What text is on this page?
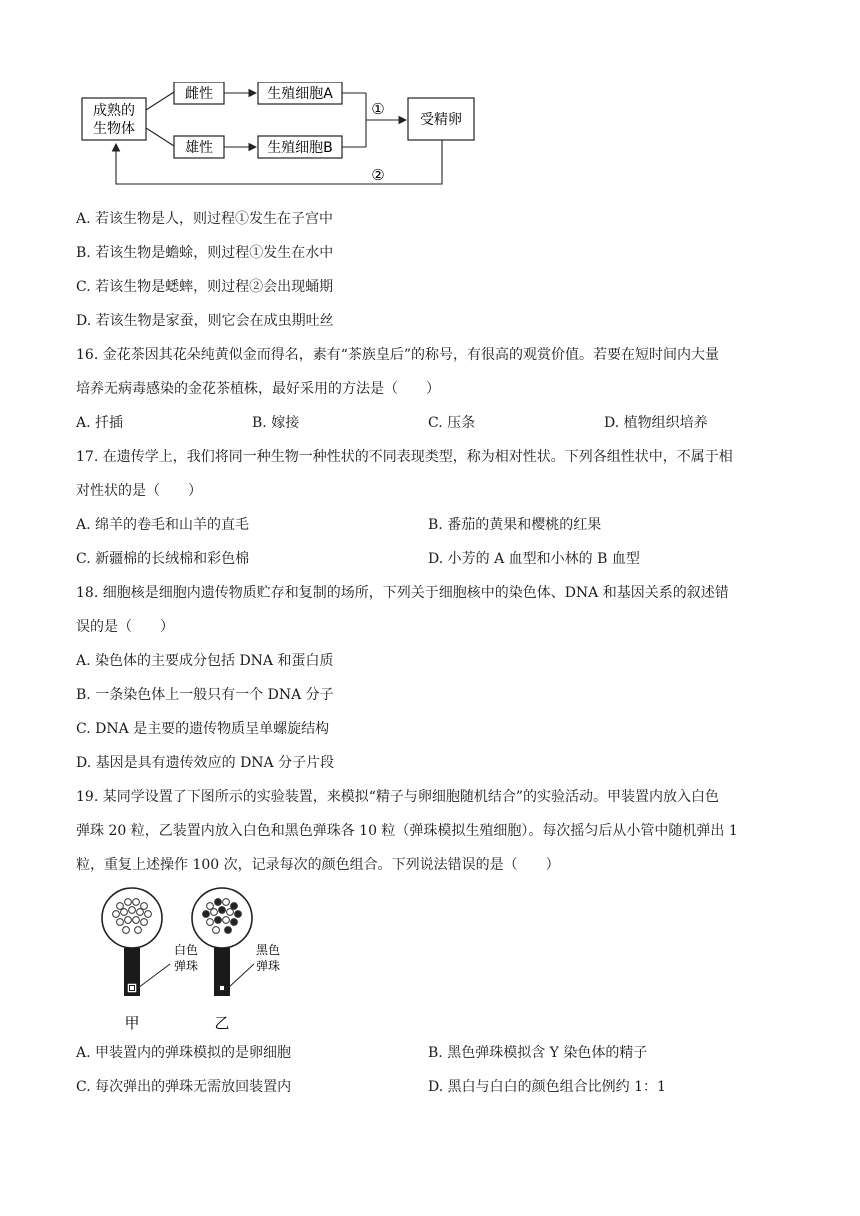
成熟的
生物体
雌性
雄性
生殖细胞A
生殖细胞B
①
受精卵
②
A. 若该生物是人，则过程①发生在子宫中
B. 若该生物是蟾蜍，则过程①发生在水中
C. 若该生物是蟋蟀，则过程②会出现蛹期
D. 若该生物是家蚕，则它会在成虫期吐丝
16. 金花茶因其花朵纯黄似金而得名，素有“茶族皇后”的称号，有很高的观赏价值。若要在短时间内大量
培养无病毒感染的金花茶植株，最好采用的方法是（　　）
A. 扦插	B. 嫁接	C. 压条	D. 植物组织培养
17. 在遗传学上，我们将同一种生物一种性状的不同表现类型，称为相对性状。下列各组性状中，不属于相
对性状的是（　　）
A. 绵羊的卷毛和山羊的直毛	B. 番茄的黄果和樱桃的红果
C. 新疆棉的长绒棉和彩色棉	D. 小芳的 A 血型和小林的 B 血型
18. 细胞核是细胞内遗传物质贮存和复制的场所，下列关于细胞核中的染色体、DNA 和基因关系的叙述错
误的是（　　）
A. 染色体的主要成分包括 DNA 和蛋白质
B. 一条染色体上一般只有一个 DNA 分子
C. DNA 是主要的遗传物质呈单螺旋结构
D. 基因是具有遗传效应的 DNA 分子片段
19. 某同学设置了下图所示的实验装置，来模拟“精子与卵细胞随机结合”的实验活动。甲装置内放入白色
弹珠 20 粒，乙装置内放入白色和黑色弹珠各 10 粒（弹珠模拟生殖细胞）。每次摇匀后从小管中随机弹出 1
粒，重复上述操作 100 次，记录每次的颜色组合。下列说法错误的是（　　）
甲	乙
白色
弹珠
黑色
弹珠
A. 甲装置内的弹珠模拟的是卵细胞	B. 黑色弹珠模拟含 Y 染色体的精子
C. 每次弹出的弹珠无需放回装置内	D. 黑白与白白的颜色组合比例约 1：1
